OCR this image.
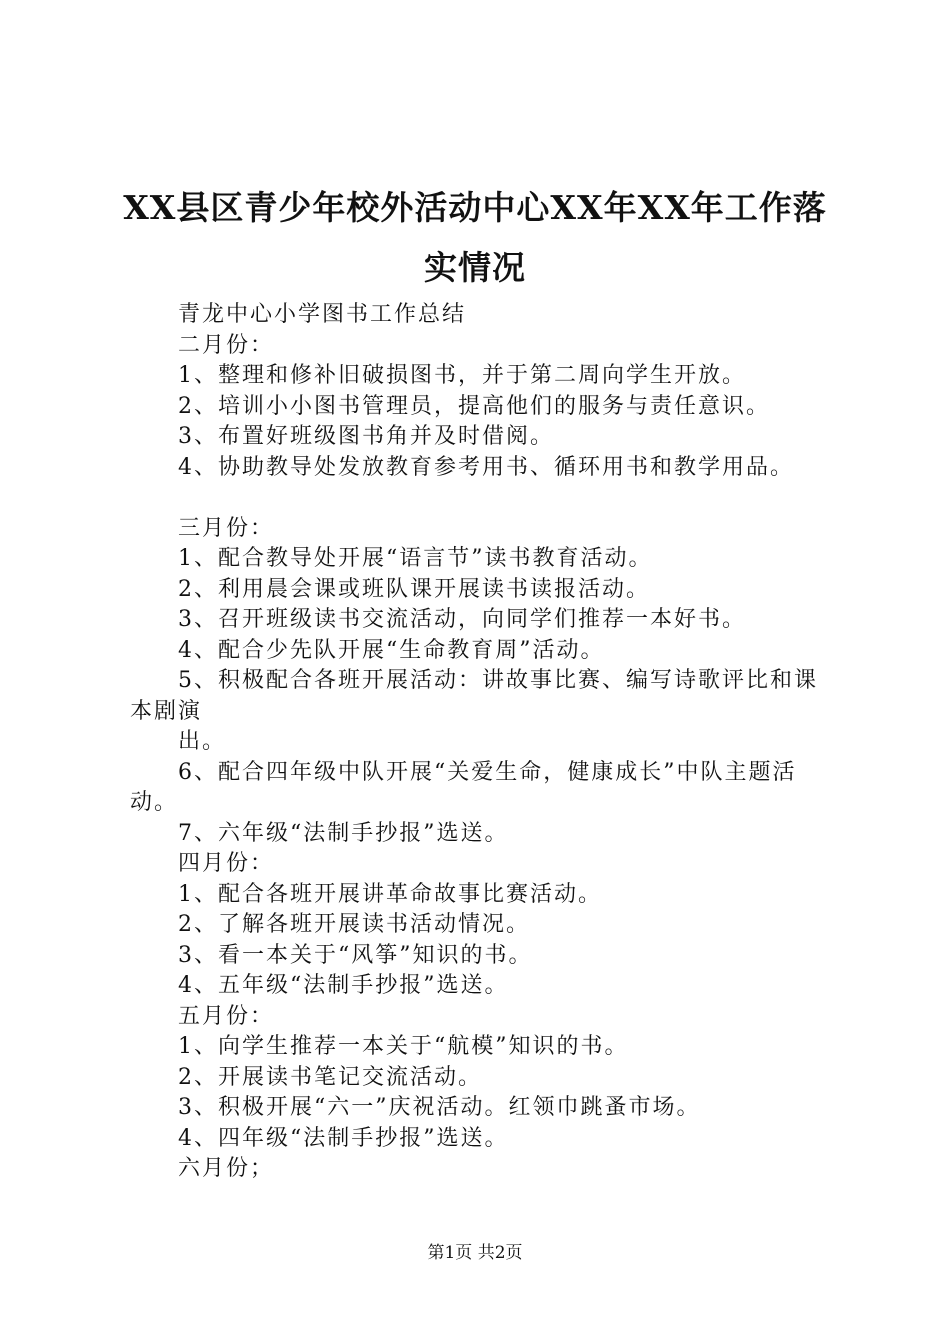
XX县区青少年校外活动中心XX年XX年工作落
实情况

青龙中心小学图书工作总结

二月份：

1、整理和修补旧破损图书，并于第二周向学生开放。

2、培训小小图书管理员，提高他们的服务与责任意识。

3、布置好班级图书角并及时借阅。

4、协助教导处发放教育参考用书、循环用书和教学用品。

三月份：

1、配合教导处开展“语言节”读书教育活动。

2、利用晨会课或班队课开展读书读报活动。

3、召开班级读书交流活动，向同学们推荐一本好书。

4、配合少先队开展“生命教育周”活动。

5、积极配合各班开展活动：讲故事比赛、编写诗歌评比和课本剧演

出。

6、配合四年级中队开展“关爱生命，健康成长”中队主题活动。

7、六年级“法制手抄报”选送。

四月份：

1、配合各班开展讲革命故事比赛活动。

2、了解各班开展读书活动情况。

3、看一本关于“风筝”知识的书。

4、五年级“法制手抄报”选送。

五月份：

1、向学生推荐一本关于“航模”知识的书。

2、开展读书笔记交流活动。

3、积极开展“六一”庆祝活动。红领巾跳蚤市场。

4、四年级“法制手抄报”选送。

六月份；

第1页 共2页
